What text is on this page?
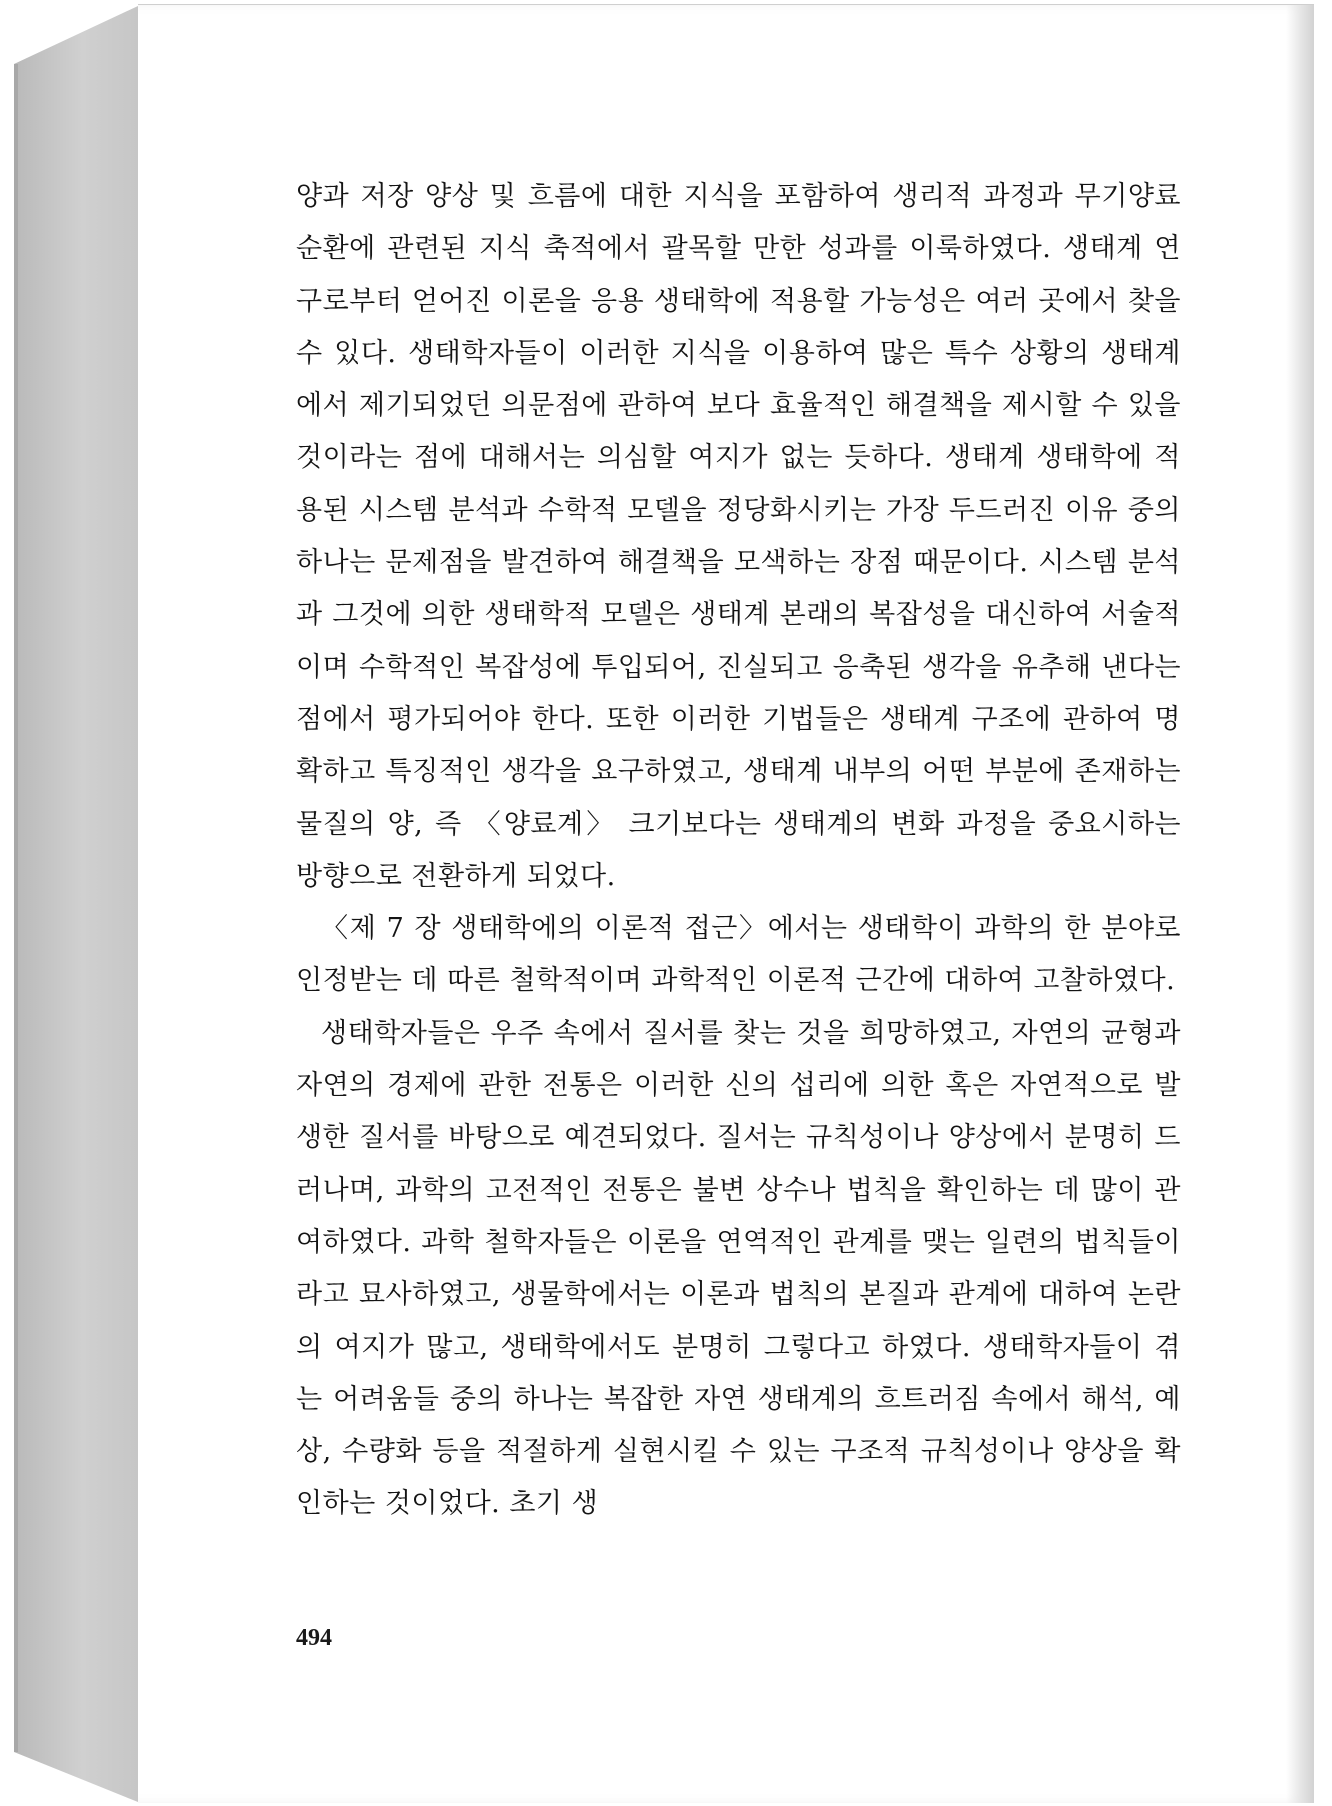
양과 저장 양상 및 흐름에 대한 지식을 포함하여 생리적 과정과 무기양료 순환에 관련된 지식 축적에서 괄목할 만한 성과를 이룩하였다. 생태계 연구로부터 얻어진 이론을 응용 생태학에 적용할 가능성은 여러 곳에서 찾을 수 있다. 생태학자들이 이러한 지식을 이용하여 많은 특수 상황의 생태계에서 제기되었던 의문점에 관하여 보다 효율적인 해결책을 제시할 수 있을 것이라는 점에 대해서는 의심할 여지가 없는 듯하다. 생태계 생태학에 적용된 시스템 분석과 수학적 모델을 정당화시키는 가장 두드러진 이유 중의 하나는 문제점을 발견하여 해결책을 모색하는 장점 때문이다. 시스템 분석과 그것에 의한 생태학적 모델은 생태계 본래의 복잡성을 대신하여 서술적이며 수학적인 복잡성에 투입되어, 진실되고 응축된 생각을 유추해 낸다는 점에서 평가되어야 한다. 또한 이러한 기법들은 생태계 구조에 관하여 명확하고 특징적인 생각을 요구하였고, 생태계 내부의 어떤 부분에 존재하는 물질의 양, 즉 〈양료계〉 크기보다는 생태계의 변화 과정을 중요시하는 방향으로 전환하게 되었다.

〈제 7 장 생태학에의 이론적 접근〉에서는 생태학이 과학의 한 분야로 인정받는 데 따른 철학적이며 과학적인 이론적 근간에 대하여 고찰하였다.

생태학자들은 우주 속에서 질서를 찾는 것을 희망하였고, 자연의 균형과 자연의 경제에 관한 전통은 이러한 신의 섭리에 의한 혹은 자연적으로 발생한 질서를 바탕으로 예견되었다. 질서는 규칙성이나 양상에서 분명히 드러나며, 과학의 고전적인 전통은 불변 상수나 법칙을 확인하는 데 많이 관여하였다. 과학 철학자들은 이론을 연역적인 관계를 맺는 일련의 법칙들이라고 묘사하였고, 생물학에서는 이론과 법칙의 본질과 관계에 대하여 논란의 여지가 많고, 생태학에서도 분명히 그렇다고 하였다. 생태학자들이 겪는 어려움들 중의 하나는 복잡한 자연 생태계의 흐트러짐 속에서 해석, 예상, 수량화 등을 적절하게 실현시킬 수 있는 구조적 규칙성이나 양상을 확인하는 것이었다. 초기 생

494
